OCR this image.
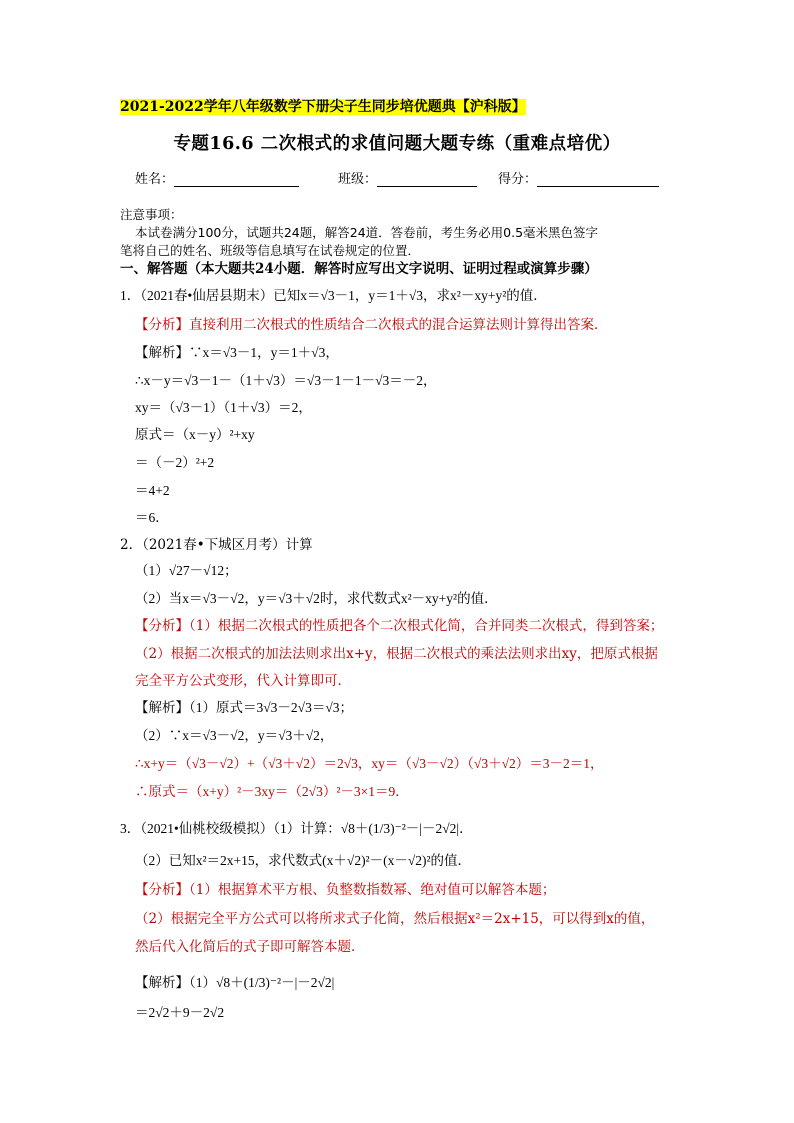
2021-2022学年八年级数学下册尖子生同步培优题典【沪科版】
专题16.6 二次根式的求值问题大题专练（重难点培优）
姓名：	班级：	得分：
注意事项：
本试卷满分100分，试题共24题，解答24道．答卷前，考生务必用0.5毫米黑色签字
笔将自己的姓名、班级等信息填写在试卷规定的位置．
一、解答题（本大题共24小题．解答时应写出文字说明、证明过程或演算步骤）
1．（2021春•仙居县期末）已知x＝√3－1，y＝1＋√3，求x²－xy+y²的值．
【分析】直接利用二次根式的性质结合二次根式的混合运算法则计算得出答案．
【解析】∵x＝√3－1，y＝1＋√3，
∴x－y＝√3－1－（1＋√3）＝√3－1－1－√3＝－2，
xy＝（√3－1）（1＋√3）＝2，
原式＝（x－y）²+xy
＝（－2）²+2
＝4+2
＝6．
2．（2021春•下城区月考）计算
（1）√27－√12；
（2）当x＝√3－√2，y＝√3＋√2时，求代数式x²－xy+y²的值．
【分析】（1）根据二次根式的性质把各个二次根式化简，合并同类二次根式，得到答案；
（2）根据二次根式的加法法则求出x+y，根据二次根式的乘法法则求出xy，把原式根据
完全平方公式变形，代入计算即可．
【解析】（1）原式＝3√3－2√3＝√3；
（2）∵x＝√3－√2，y＝√3＋√2，
∴x+y＝（√3－√2）+（√3＋√2）＝2√3，xy＝（√3－√2）（√3＋√2）＝3－2＝1，
∴原式＝（x+y）²－3xy＝（2√3）²－3×1＝9．
3．（2021•仙桃校级模拟）（1）计算：√8＋(1/3)⁻²－|－2√2|．
（2）已知x²＝2x+15，求代数式(x＋√2)²－(x－√2)²的值．
【分析】（1）根据算术平方根、负整数指数幂、绝对值可以解答本题；
（2）根据完全平方公式可以将所求式子化简，然后根据x²＝2x+15，可以得到x的值，
然后代入化简后的式子即可解答本题．
【解析】（1）√8＋(1/3)⁻²－|－2√2|
＝2√2＋9－2√2
